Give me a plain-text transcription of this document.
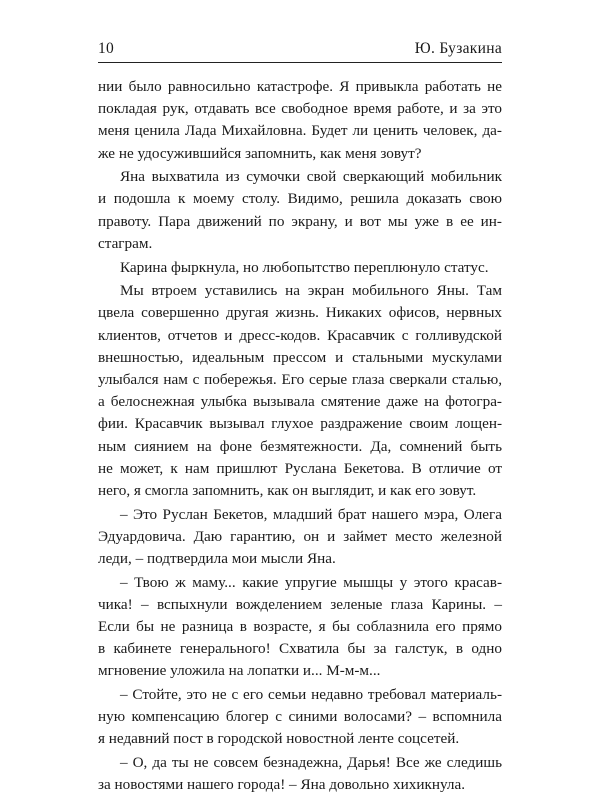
10	Ю. Бузакина
нии было равносильно катастрофе. Я привыкла работать не
покладая рук, отдавать все свободное время работе, и за это
меня ценила Лада Михайловна. Будет ли ценить человек, да-
же не удосужившийся запомнить, как меня зовут?
Яна выхватила из сумочки свой сверкающий мобильник
и подошла к моему столу. Видимо, решила доказать свою
правоту. Пара движений по экрану, и вот мы уже в ее ин-
стаграм.
Карина фыркнула, но любопытство переплюнуло статус.
Мы втроем уставились на экран мобильного Яны. Там
цвела совершенно другая жизнь. Никаких офисов, нервных
клиентов, отчетов и дресс-кодов. Красавчик с голливудской
внешностью, идеальным прессом и стальными мускулами
улыбался нам с побережья. Его серые глаза сверкали сталью,
а белоснежная улыбка вызывала смятение даже на фотогра-
фии. Красавчик вызывал глухое раздражение своим лощен-
ным сиянием на фоне безмятежности. Да, сомнений быть
не может, к нам пришлют Руслана Бекетова. В отличие от
него, я смогла запомнить, как он выглядит, и как его зовут.
– Это Руслан Бекетов, младший брат нашего мэра, Олега
Эдуардовича. Даю гарантию, он и займет место железной
леди, – подтвердила мои мысли Яна.
– Твою ж маму... какие упругие мышцы у этого красав-
чика! – вспыхнули вожделением зеленые глаза Карины. –
Если бы не разница в возрасте, я бы соблазнила его прямо
в кабинете генерального! Схватила бы за галстук, в одно
мгновение уложила на лопатки и... М-м-м...
– Стойте, это не с его семьи недавно требовал материаль-
ную компенсацию блогер с синими волосами? – вспомнила
я недавний пост в городской новостной ленте соцсетей.
– О, да ты не совсем безнадежна, Дарья! Все же следишь
за новостями нашего города! – Яна довольно хихикнула.
